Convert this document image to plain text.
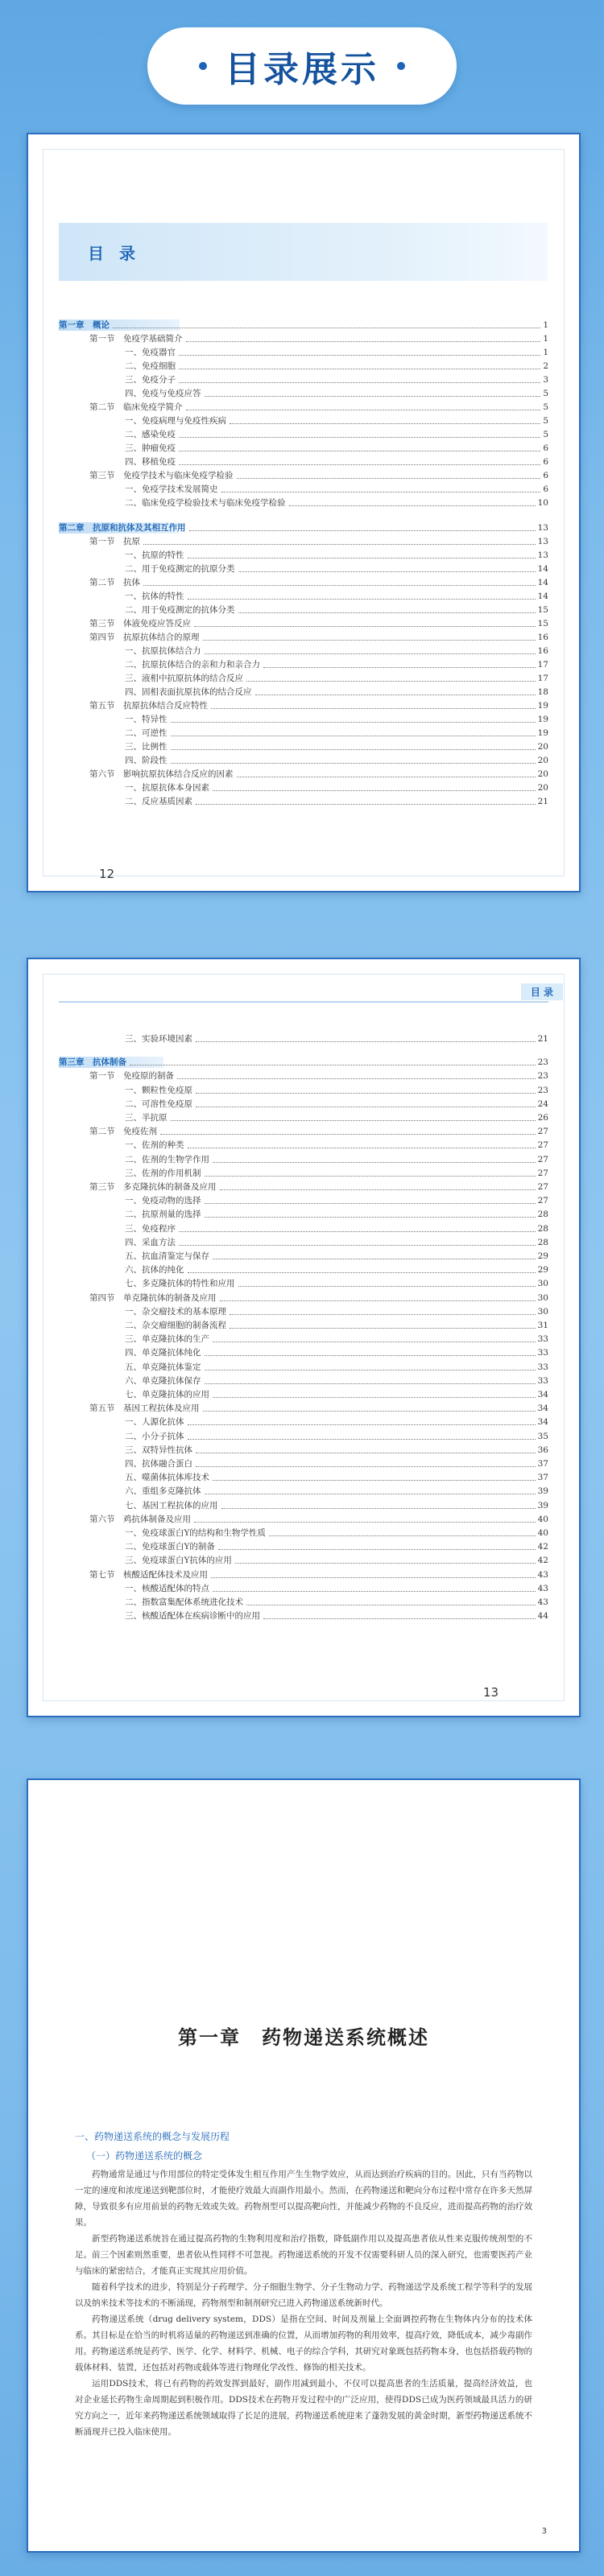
目录展示
目 录
第一章　概论	1
第一节　免疫学基础简介	1
一、免疫器官	1
二、免疫细胞	2
三、免疫分子	3
四、免疫与免疫应答	5
第二节　临床免疫学简介	5
一、免疫病理与免疫性疾病	5
二、感染免疫	5
三、肿瘤免疫	6
四、移植免疫	6
第三节　免疫学技术与临床免疫学检验	6
一、免疫学技术发展简史	6
二、临床免疫学检验技术与临床免疫学检验	10
第二章　抗原和抗体及其相互作用	13
第一节　抗原	13
一、抗原的特性	13
二、用于免疫测定的抗原分类	14
第二节　抗体	14
一、抗体的特性	14
二、用于免疫测定的抗体分类	15
第三节　体液免疫应答反应	15
第四节　抗原抗体结合的原理	16
一、抗原抗体结合力	16
二、抗原抗体结合的亲和力和亲合力	17
三、液相中抗原抗体的结合反应	17
四、固相表面抗原抗体的结合反应	18
第五节　抗原抗体结合反应特性	19
一、特异性	19
二、可逆性	19
三、比例性	20
四、阶段性	20
第六节　影响抗原抗体结合反应的因素	20
一、抗原抗体本身因素	20
二、反应基质因素	21
12
目 录
三、实验环境因素	21
第三章　抗体制备	23
第一节　免疫原的制备	23
一、颗粒性免疫原	23
二、可溶性免疫原	24
三、半抗原	26
第二节　免疫佐剂	27
一、佐剂的种类	27
二、佐剂的生物学作用	27
三、佐剂的作用机制	27
第三节　多克隆抗体的制备及应用	27
一、免疫动物的选择	27
二、抗原剂量的选择	28
三、免疫程序	28
四、采血方法	28
五、抗血清鉴定与保存	29
六、抗体的纯化	29
七、多克隆抗体的特性和应用	30
第四节　单克隆抗体的制备及应用	30
一、杂交瘤技术的基本原理	30
二、杂交瘤细胞的制备流程	31
三、单克隆抗体的生产	33
四、单克隆抗体纯化	33
五、单克隆抗体鉴定	33
六、单克隆抗体保存	33
七、单克隆抗体的应用	34
第五节　基因工程抗体及应用	34
一、人源化抗体	34
二、小分子抗体	35
三、双特异性抗体	36
四、抗体融合蛋白	37
五、噬菌体抗体库技术	37
六、重组多克隆抗体	39
七、基因工程抗体的应用	39
第六节　鸡抗体制备及应用	40
一、免疫球蛋白Y的结构和生物学性质	40
二、免疫球蛋白Y的制备	42
三、免疫球蛋白Y抗体的应用	42
第七节　核酸适配体技术及应用	43
一、核酸适配体的特点	43
二、指数富集配体系统进化技术	43
三、核酸适配体在疾病诊断中的应用	44
13
第一章　药物递送系统概述
一、药物递送系统的概念与发展历程
（一）药物递送系统的概念

药物通常是通过与作用部位的特定受体发生相互作用产生生物学效应，从而达到治疗疾病的目的。因此，只有当药物以一定的速度和浓度递送到靶部位时，才能使疗效最大而副作用最小。然而，在药物递送和靶向分布过程中常存在许多天然屏障，导致很多有应用前景的药物无效或失效。药物剂型可以提高靶向性，并能减少药物的不良反应，进而提高药物的治疗效果。

新型药物递送系统旨在通过提高药物的生物利用度和治疗指数，降低副作用以及提高患者依从性来克服传统剂型的不足。前三个因素则然重要，患者依从性同样不可忽视。药物递送系统的开发不仅需要科研人员的深入研究，也需要医药产业与临床的紧密结合，才能真正实现其应用价值。

随着科学技术的进步，特别是分子药理学、分子细胞生物学、分子生物动力学、药物递送学及系统工程学等科学的发展以及纳米技术等技术的不断涌现，药物剂型和制剂研究已进入药物递送系统新时代。

药物递送系统（drug delivery system，DDS）是指在空间、时间及剂量上全面调控药物在生物体内分布的技术体系。其目标是在恰当的时机将适量的药物递送到准确的位置，从而增加药物的利用效率，提高疗效，降低成本，减少毒副作用。药物递送系统是药学、医学、化学、材料学、机械、电子的综合学科，其研究对象既包括药物本身，也包括搭载药物的载体材料、装置，还包括对药物或载体等进行物理化学改性、修饰的相关技术。

运用DDS技术，将已有药物的药效发挥到最好，副作用减到最小，不仅可以提高患者的生活质量，提高经济效益，也对企业延长药物生命周期起到积极作用。DDS技术在药物开发过程中的广泛应用，使得DDS已成为医药领域最具活力的研究方向之一，近年来药物递送系统领域取得了长足的进展，药物递送系统迎来了蓬勃发展的黄金时期，新型药物递送系统不断涌现并已投入临床使用。

3
